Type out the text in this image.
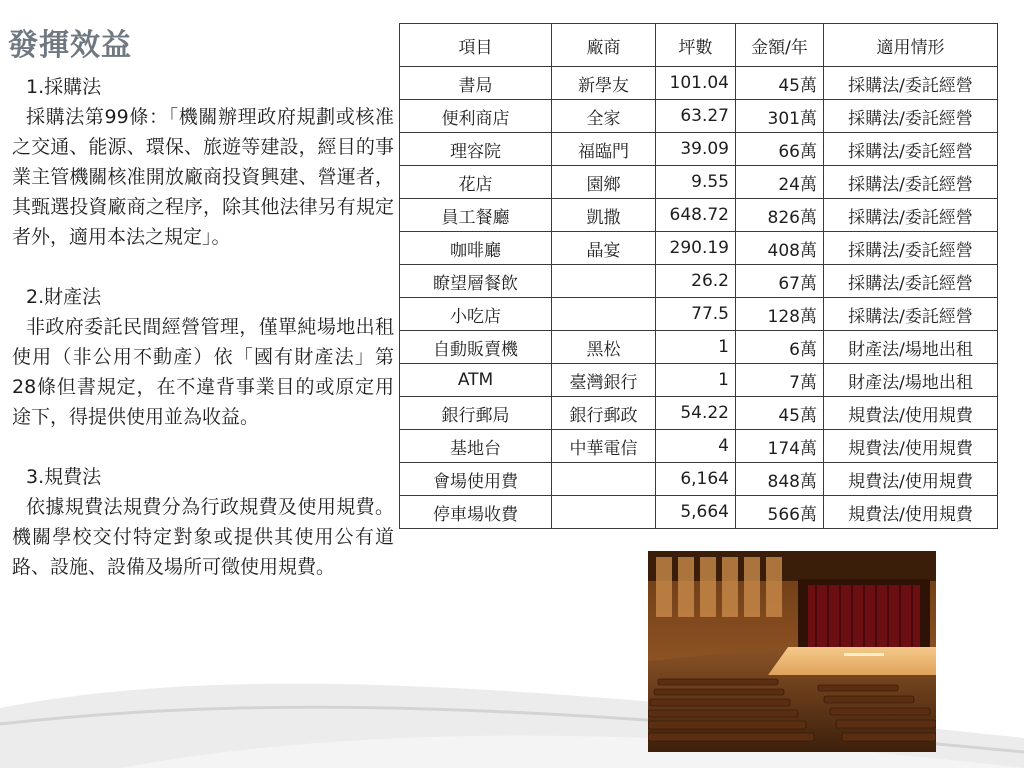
發揮效益
1.採購法
採購法第99條：「機關辦理政府規劃或核准之交通、能源、環保、旅遊等建設，經目的事業主管機關核准開放廠商投資興建、營運者，其甄選投資廠商之程序，除其他法律另有規定者外，適用本法之規定」。
2.財產法
非政府委託民間經營管理，僅單純場地出租使用（非公用不動產）依「國有財產法」第28條但書規定，在不違背事業目的或原定用途下，得提供使用並為收益。
3.規費法
依據規費法規費分為行政規費及使用規費。機關學校交付特定對象或提供其使用公有道路、設施、設備及場所可徵使用規費。
項目	廠商	坪數	金額/年	適用情形
書局	新學友	101.04	45萬	採購法/委託經營
便利商店	全家	63.27	301萬	採購法/委託經營
理容院	福臨門	39.09	66萬	採購法/委託經營
花店	園鄉	9.55	24萬	採購法/委託經營
員工餐廳	凱撒	648.72	826萬	採購法/委託經營
咖啡廳	晶宴	290.19	408萬	採購法/委託經營
瞭望層餐飲		26.2	67萬	採購法/委託經營
小吃店		77.5	128萬	採購法/委託經營
自動販賣機	黑松	1	6萬	財產法/場地出租
ATM	臺灣銀行	1	7萬	財產法/場地出租
銀行郵局	銀行郵政	54.22	45萬	規費法/使用規費
基地台	中華電信	4	174萬	規費法/使用規費
會場使用費		6,164	848萬	規費法/使用規費
停車場收費		5,664	566萬	規費法/使用規費
